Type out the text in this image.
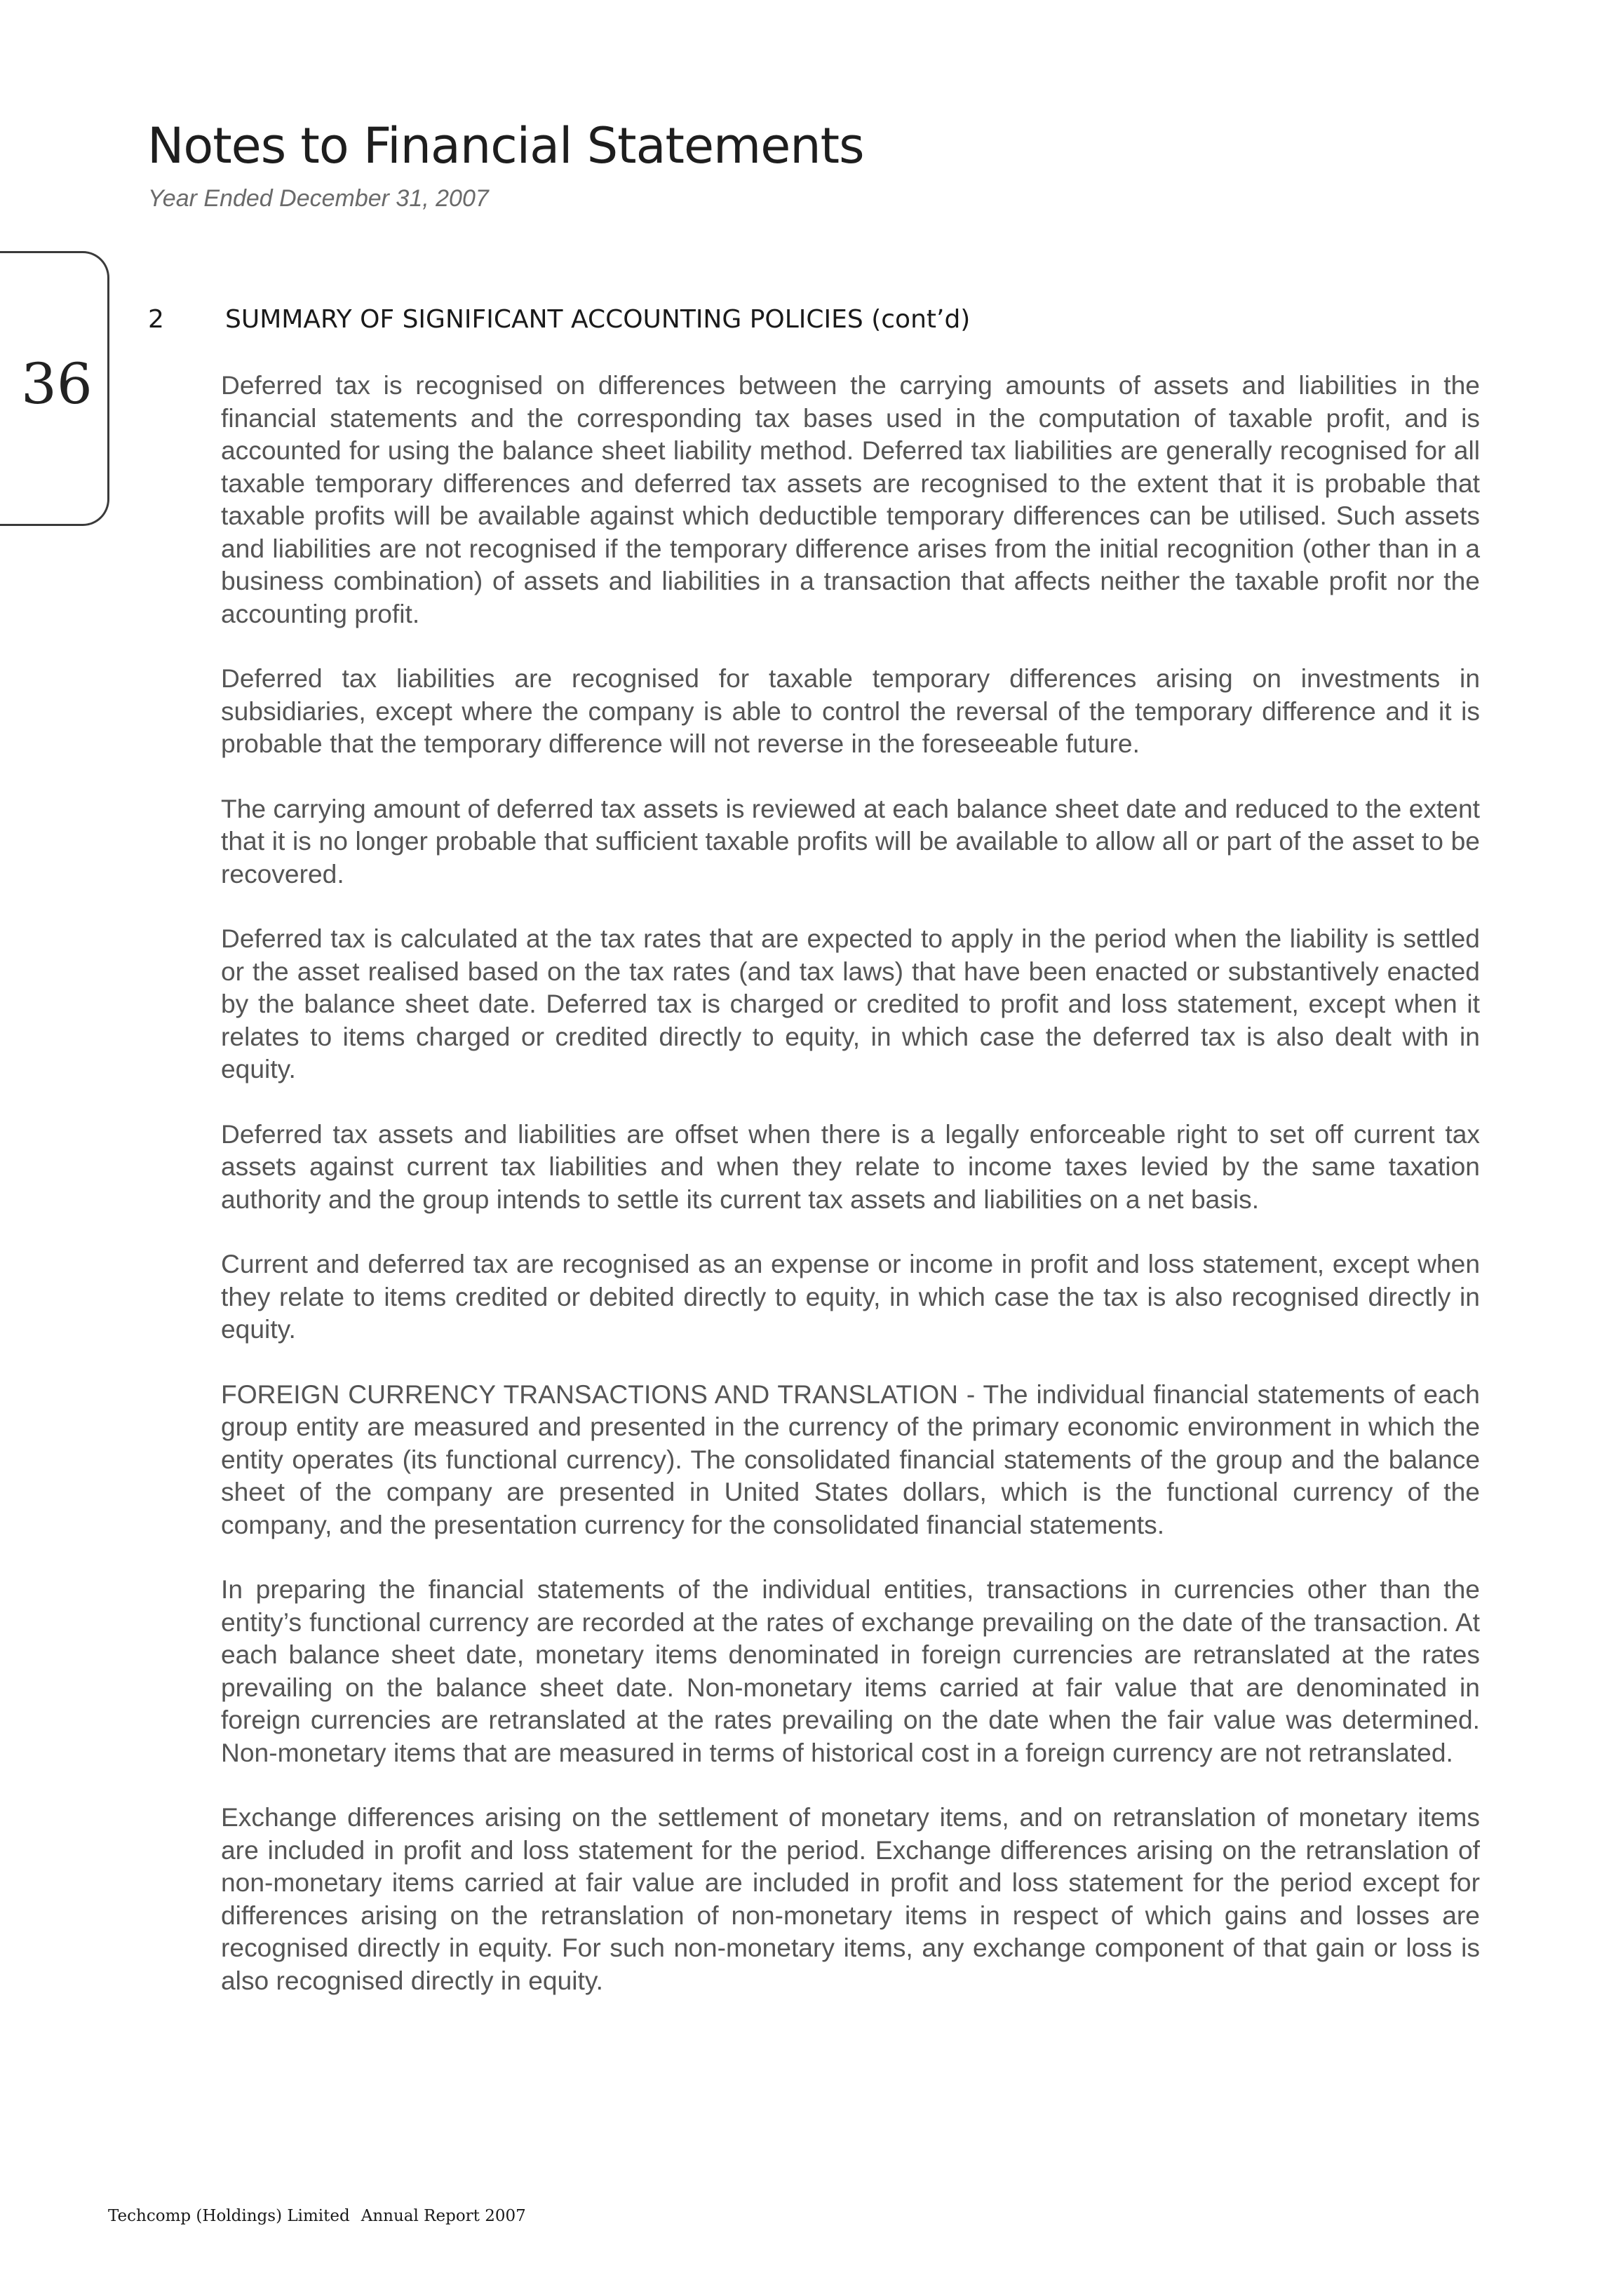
Notes to Financial Statements
Year Ended December 31, 2007
36
2 SUMMARY OF SIGNIFICANT ACCOUNTING POLICIES (cont’d)

Deferred tax is recognised on differences between the carrying amounts of assets and liabilities in the financial statements and the corresponding tax bases used in the computation of taxable profit, and is accounted for using the balance sheet liability method. Deferred tax liabilities are generally recognised for all taxable temporary differences and deferred tax assets are recognised to the extent that it is probable that taxable profits will be available against which deductible temporary differences can be utilised. Such assets and liabilities are not recognised if the temporary difference arises from the initial recognition (other than in a business combination) of assets and liabilities in a transaction that affects neither the taxable profit nor the accounting profit.

Deferred tax liabilities are recognised for taxable temporary differences arising on investments in subsidiaries, except where the company is able to control the reversal of the temporary difference and it is probable that the temporary difference will not reverse in the foreseeable future.

The carrying amount of deferred tax assets is reviewed at each balance sheet date and reduced to the extent that it is no longer probable that sufficient taxable profits will be available to allow all or part of the asset to be recovered.

Deferred tax is calculated at the tax rates that are expected to apply in the period when the liability is settled or the asset realised based on the tax rates (and tax laws) that have been enacted or substantively enacted by the balance sheet date. Deferred tax is charged or credited to profit and loss statement, except when it relates to items charged or credited directly to equity, in which case the deferred tax is also dealt with in equity.

Deferred tax assets and liabilities are offset when there is a legally enforceable right to set off current tax assets against current tax liabilities and when they relate to income taxes levied by the same taxation authority and the group intends to settle its current tax assets and liabilities on a net basis.

Current and deferred tax are recognised as an expense or income in profit and loss statement, except when they relate to items credited or debited directly to equity, in which case the tax is also recognised directly in equity.

FOREIGN CURRENCY TRANSACTIONS AND TRANSLATION - The individual financial statements of each group entity are measured and presented in the currency of the primary economic environment in which the entity operates (its functional currency). The consolidated financial statements of the group and the balance sheet of the company are presented in United States dollars, which is the functional currency of the company, and the presentation currency for the consolidated financial statements.

In preparing the financial statements of the individual entities, transactions in currencies other than the entity’s functional currency are recorded at the rates of exchange prevailing on the date of the transaction. At each balance sheet date, monetary items denominated in foreign currencies are retranslated at the rates prevailing on the balance sheet date. Non-monetary items carried at fair value that are denominated in foreign currencies are retranslated at the rates prevailing on the date when the fair value was determined. Non-monetary items that are measured in terms of historical cost in a foreign currency are not retranslated.

Exchange differences arising on the settlement of monetary items, and on retranslation of monetary items are included in profit and loss statement for the period. Exchange differences arising on the retranslation of non-monetary items carried at fair value are included in profit and loss statement for the period except for differences arising on the retranslation of non-monetary items in respect of which gains and losses are recognised directly in equity. For such non-monetary items, any exchange component of that gain or loss is also recognised directly in equity.

Techcomp (Holdings) Limited Annual Report 2007
